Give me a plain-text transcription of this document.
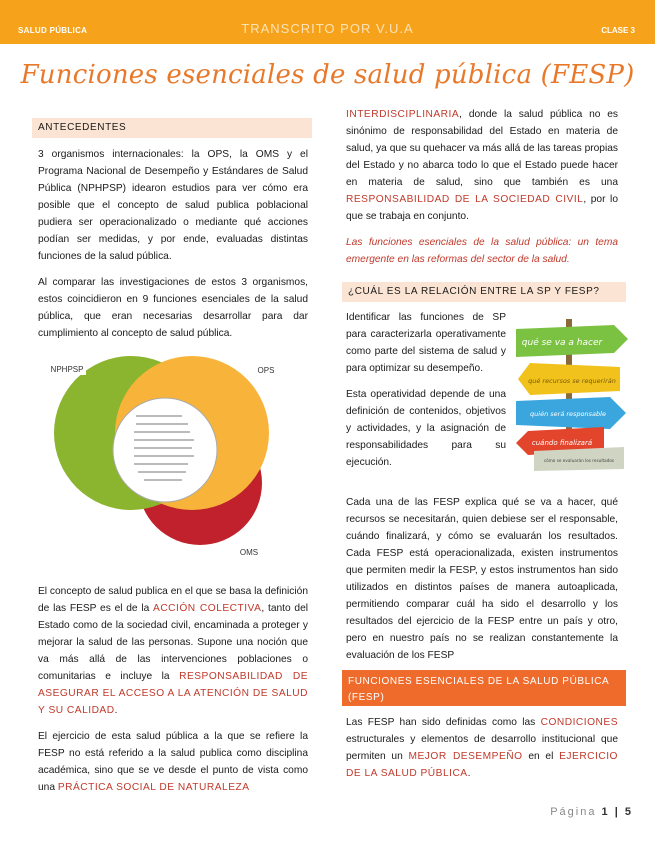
SALUD PÚBLICA	TRANSCRITO POR V.U.A	CLASE 3
Funciones esenciales de salud pública (FESP)
ANTECEDENTES

3 organismos internacionales: la OPS, la OMS y el Programa Nacional de Desempeño y Estándares de Salud Pública (NPHPSP) idearon estudios para ver cómo era posible que el concepto de salud publica poblacional pudiera ser operacionalizado o mediante qué acciones podían ser medidas, y por ende, evaluadas distintas funciones de la salud pública.

Al comparar las investigaciones de estos 3 organismos, estos coincidieron en 9 funciones esenciales de la salud pública, que eran necesarias desarrollar para dar cumplimiento al concepto de salud pública.

NPHPSP	OPS
OMS

El concepto de salud publica en el que se basa la definición de las FESP es el de la ACCIÓN COLECTIVA, tanto del Estado como de la sociedad civil, encaminada a proteger y mejorar la salud de las personas. Supone una noción que va más allá de las intervenciones poblaciones o comunitarias e incluye la RESPONSABILIDAD DE ASEGURAR EL ACCESO A LA ATENCIÓN DE SALUD Y SU CALIDAD.

El ejercicio de esta salud pública a la que se refiere la FESP no está referido a la salud publica como disciplina académica, sino que se ve desde el punto de vista como una PRÁCTICA SOCIAL DE NATURALEZA

INTERDISCIPLINARIA, donde la salud pública no es sinónimo de responsabilidad del Estado en materia de salud, ya que su quehacer va más allá de las tareas propias del Estado y no abarca todo lo que el Estado puede hacer en materia de salud, sino que también es una RESPONSABILIDAD DE LA SOCIEDAD CIVIL, por lo que se trabaja en conjunto.

Las funciones esenciales de la salud pública: un tema emergente en las reformas del sector de la salud.

¿CUÁL ES LA RELACIÓN ENTRE LA SP Y FESP?

Identificar las funciones de SP para caracterizarla operativamente como parte del sistema de salud y para optimizar su desempeño.

Esta operatividad depende de una definición de contenidos, objetivos y actividades, y la asignación de responsabilidades para su ejecución.

qué se va a hacer
qué recursos se requerirán
quién será responsable
cuándo finalizará
cómo se evaluarán los resultados

Cada una de las FESP explica qué se va a hacer, qué recursos se necesitarán, quien debiese ser el responsable, cuándo finalizará, y cómo se evaluarán los resultados. Cada FESP está operacionalizada, existen instrumentos que permiten medir la FESP, y estos instrumentos han sido utilizados en distintos países de manera autoaplicada, permitiendo comparar cuál ha sido el desarrollo y los resultados del ejercicio de la FESP entre un país y otro, pero en nuestro país no se realizan constantemente la evaluación de los FESP

FUNCIONES ESENCIALES DE LA SALUD PÚBLICA (FESP)

Las FESP han sido definidas como las CONDICIONES estructurales y elementos de desarrollo institucional que permiten un MEJOR DESEMPEÑO en el EJERCICIO DE LA SALUD PÚBLICA.

Página 1 | 5
